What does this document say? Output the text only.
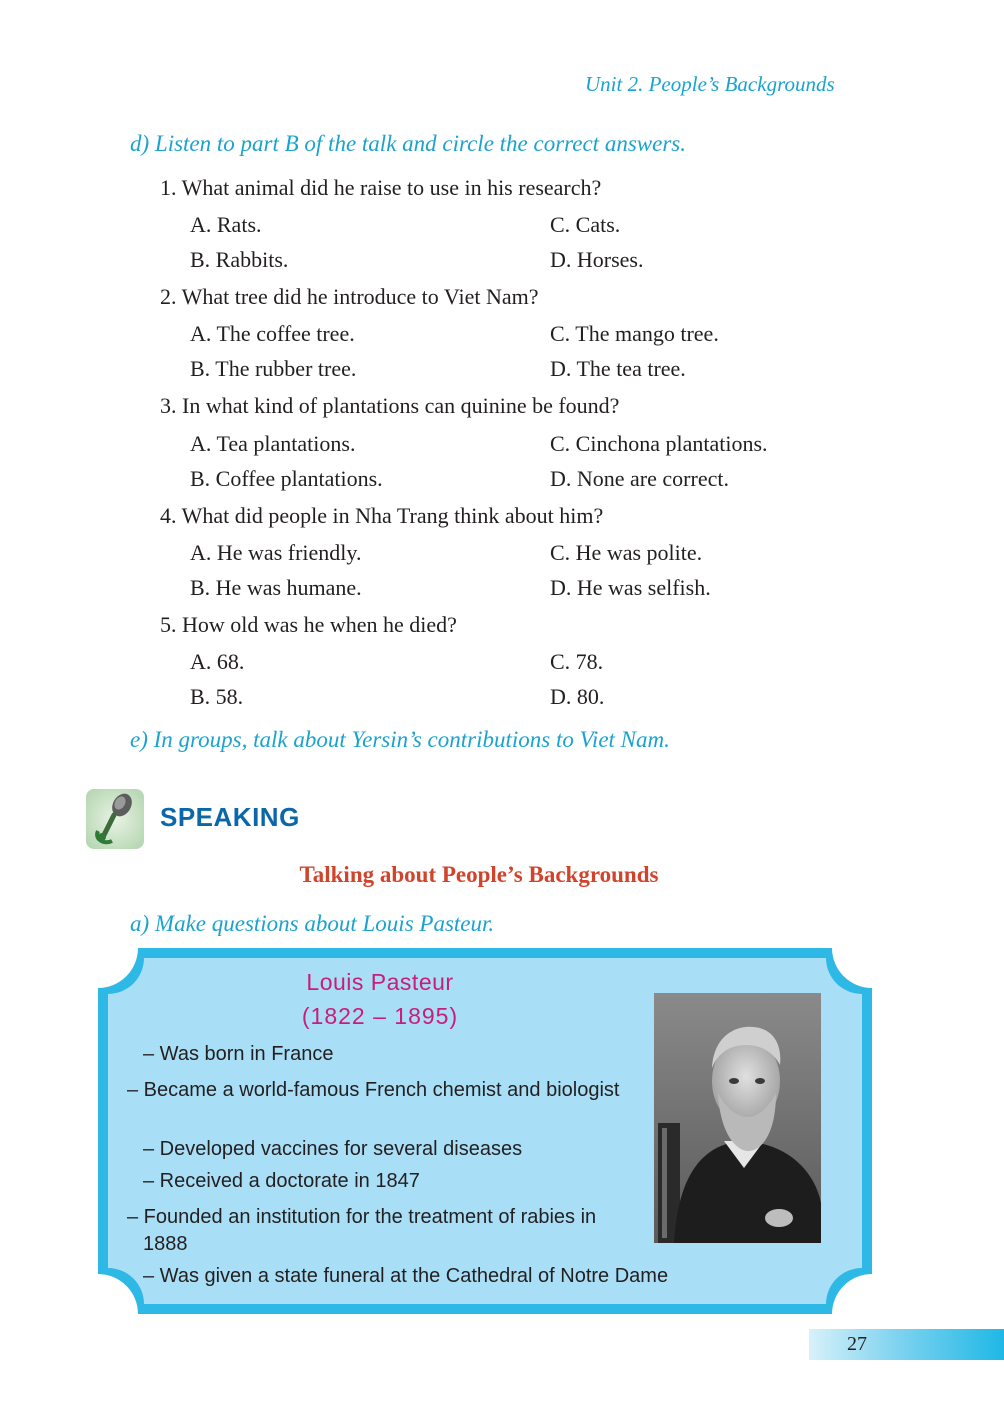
Unit 2. People’s Backgrounds
d) Listen to part B of the talk and circle the correct answers.
1. What animal did he raise to use in his research?
A. Rats.
B. Rabbits.
C. Cats.
D. Horses.
2. What tree did he introduce to Viet Nam?
A. The coffee tree.
B. The rubber tree.
C. The mango tree.
D. The tea tree.
3. In what kind of plantations can quinine be found?
A. Tea plantations.
B. Coffee plantations.
C. Cinchona plantations.
D. None are correct.
4. What did people in Nha Trang think about him?
A. He was friendly.
B. He was humane.
C. He was polite.
D. He was selfish.
5. How old was he when he died?
A. 68.
B. 58.
C. 78.
D. 80.
e) In groups, talk about Yersin’s contributions to Viet Nam.
SPEAKING
Talking about People’s Backgrounds
a) Make questions about Louis Pasteur.
Louis Pasteur
(1822 – 1895)
– Was born in France
– Became a world-famous French chemist and biologist
– Developed vaccines for several diseases
– Received a doctorate in 1847
– Founded an institution for the treatment of rabies in 1888
– Was given a state funeral at the Cathedral of Notre Dame
27
